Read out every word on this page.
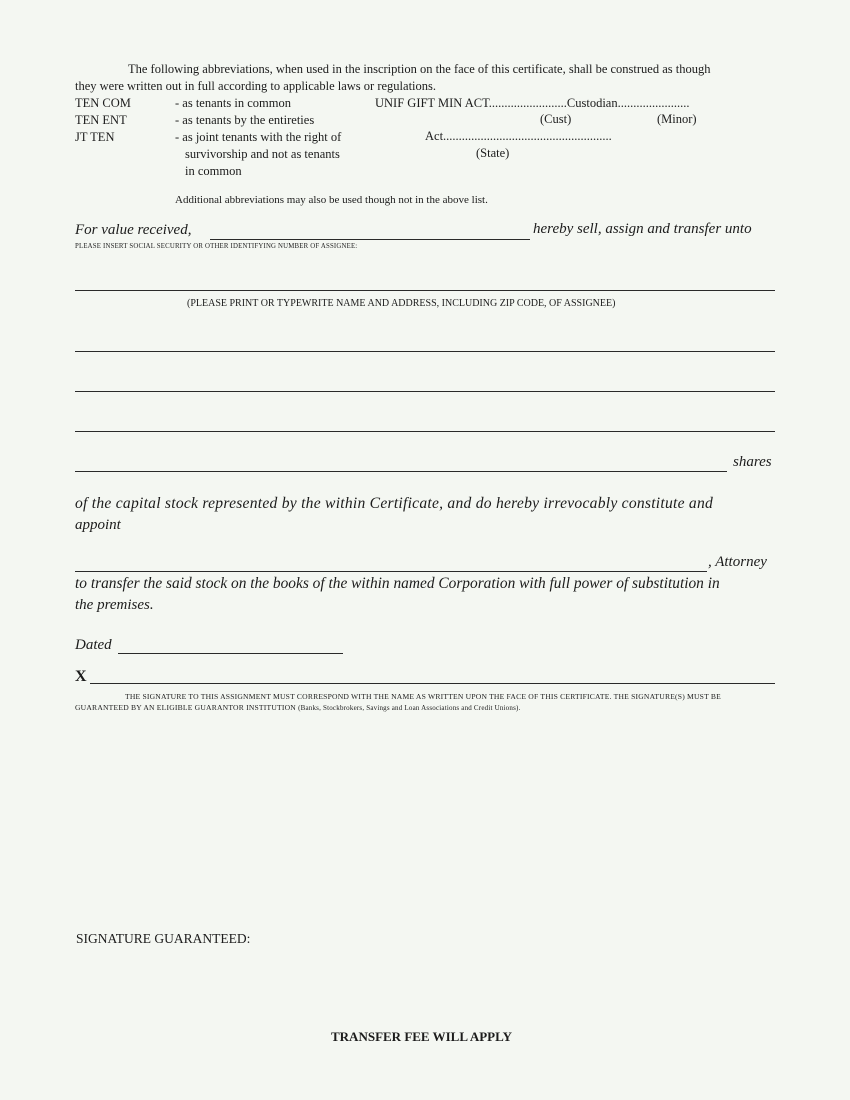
The following abbreviations, when used in the inscription on the face of this certificate, shall be construed as though
they were written out in full according to applicable laws or regulations.
TEN COM	- as tenants in common
TEN ENT	- as tenants by the entireties
JT TEN	- as joint tenants with the right of
survivorship and not as tenants
in common
UNIF GIFT MIN ACT.........................Custodian.......................
(Cust)	(Minor)
Act......................................................
(State)
Additional abbreviations may also be used though not in the above list.
For value received,	hereby sell, assign and transfer unto
PLEASE INSERT SOCIAL SECURITY OR OTHER IDENTIFYING NUMBER OF ASSIGNEE:
(PLEASE PRINT OR TYPEWRITE NAME AND ADDRESS, INCLUDING ZIP CODE, OF ASSIGNEE)
shares
of the capital stock represented by the within Certificate, and do hereby irrevocably constitute and
appoint
, Attorney
to transfer the said stock on the books of the within named Corporation with full power of substitution in
the premises.
Dated
X
THE SIGNATURE TO THIS ASSIGNMENT MUST CORRESPOND WITH THE NAME AS WRITTEN UPON THE FACE OF THIS CERTIFICATE. THE SIGNATURE(S) MUST BE
GUARANTEED BY AN ELIGIBLE GUARANTOR INSTITUTION (Banks, Stockbrokers, Savings and Loan Associations and Credit Unions).
SIGNATURE GUARANTEED:
TRANSFER FEE WILL APPLY
